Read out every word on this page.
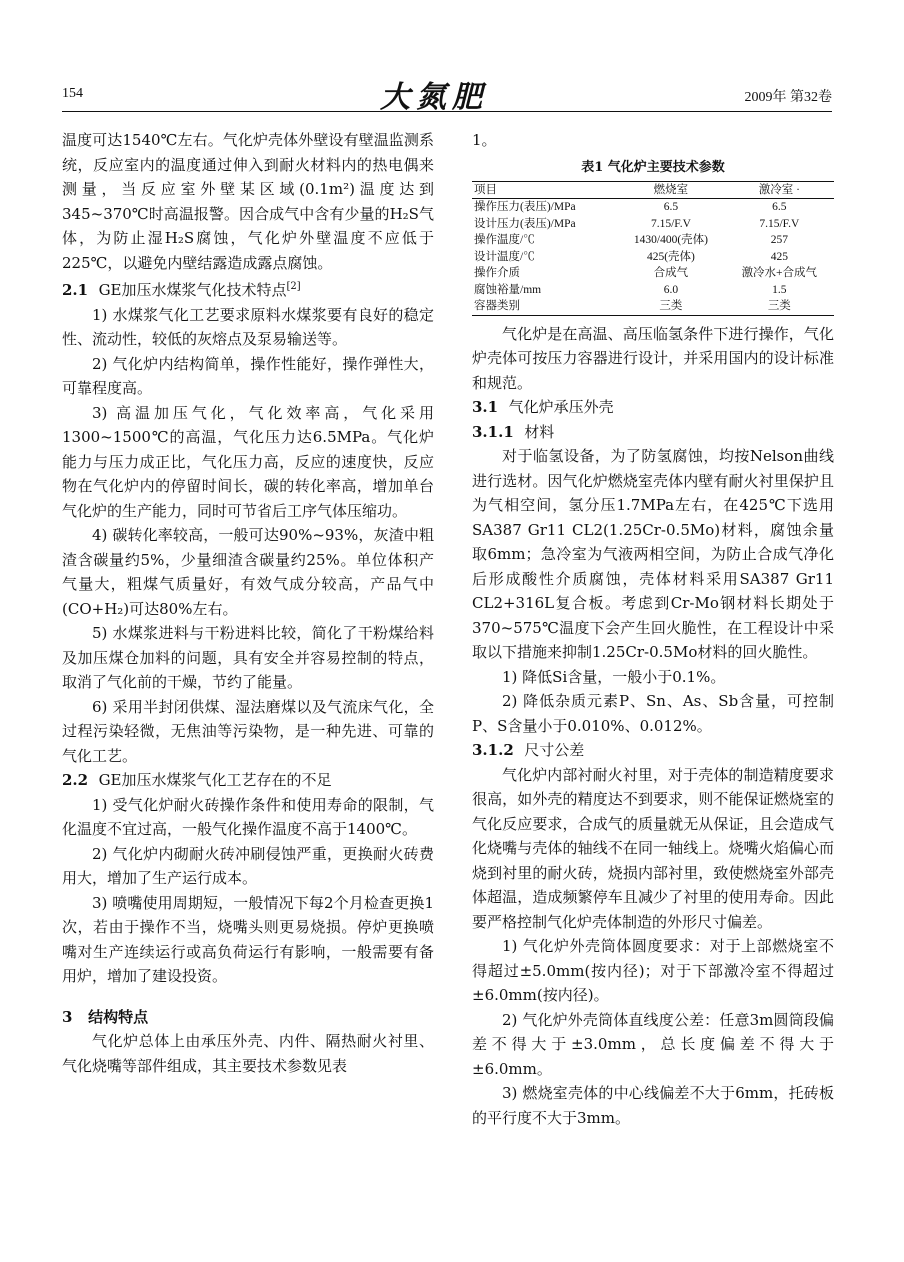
154	大氮肥	2009年 第32卷

温度可达1540℃左右。气化炉壳体外壁设有壁温监测系统，反应室内的温度通过伸入到耐火材料内的热电偶来测量，当反应室外壁某区域(0.1m²)温度达到345~370℃时高温报警。因合成气中含有少量的H₂S气体，为防止湿H₂S腐蚀，气化炉外壁温度不应低于225℃，以避免内壁结露造成露点腐蚀。

2.1 GE加压水煤浆气化技术特点[2]

1) 水煤浆气化工艺要求原料水煤浆要有良好的稳定性、流动性，较低的灰熔点及泵易输送等。

2) 气化炉内结构简单，操作性能好，操作弹性大，可靠程度高。

3) 高温加压气化，气化效率高，气化采用1300~1500℃的高温，气化压力达6.5MPa。气化炉能力与压力成正比，气化压力高，反应的速度快，反应物在气化炉内的停留时间长，碳的转化率高，增加单台气化炉的生产能力，同时可节省后工序气体压缩功。

4) 碳转化率较高，一般可达90%~93%，灰渣中粗渣含碳量约5%，少量细渣含碳量约25%。单位体积产气量大，粗煤气质量好，有效气成分较高，产品气中(CO+H₂)可达80%左右。

5) 水煤浆进料与干粉进料比较，简化了干粉煤给料及加压煤仓加料的问题，具有安全并容易控制的特点，取消了气化前的干燥，节约了能量。

6) 采用半封闭供煤、湿法磨煤以及气流床气化，全过程污染轻微，无焦油等污染物，是一种先进、可靠的气化工艺。

2.2 GE加压水煤浆气化工艺存在的不足

1) 受气化炉耐火砖操作条件和使用寿命的限制，气化温度不宜过高，一般气化操作温度不高于1400℃。

2) 气化炉内砌耐火砖冲刷侵蚀严重，更换耐火砖费用大，增加了生产运行成本。

3) 喷嘴使用周期短，一般情况下每2个月检查更换1次，若由于操作不当，烧嘴头则更易烧损。停炉更换喷嘴对生产连续运行或高负荷运行有影响，一般需要有备用炉，增加了建设投资。

3 结构特点

气化炉总体上由承压外壳、内件、隔热耐火衬里、气化烧嘴等部件组成，其主要技术参数见表

1。

表1 气化炉主要技术参数
项目	燃烧室	激冷室 ·
操作压力(表压)/MPa	6.5	6.5
设计压力(表压)/MPa	7.15/F.V	7.15/F.V
操作温度/℃	1430/400(壳体)	257
设计温度/℃	425(壳体)	425
操作介质	合成气	激冷水+合成气
腐蚀裕量/mm	6.0	1.5
容器类别	三类	三类

气化炉是在高温、高压临氢条件下进行操作，气化炉壳体可按压力容器进行设计，并采用国内的设计标准和规范。

3.1 气化炉承压外壳
3.1.1 材料

对于临氢设备，为了防氢腐蚀，均按Nelson曲线进行选材。因气化炉燃烧室壳体内壁有耐火衬里保护且为气相空间，氢分压1.7MPa左右，在425℃下选用SA387 Gr11 CL2(1.25Cr-0.5Mo)材料，腐蚀余量取6mm；急冷室为气液两相空间，为防止合成气净化后形成酸性介质腐蚀，壳体材料采用SA387 Gr11 CL2+316L复合板。考虑到Cr-Mo钢材料长期处于370~575℃温度下会产生回火脆性，在工程设计中采取以下措施来抑制1.25Cr-0.5Mo材料的回火脆性。

1) 降低Si含量，一般小于0.1%。

2) 降低杂质元素P、Sn、As、Sb含量，可控制P、S含量小于0.010%、0.012%。

3.1.2 尺寸公差

气化炉内部衬耐火衬里，对于壳体的制造精度要求很高，如外壳的精度达不到要求，则不能保证燃烧室的气化反应要求，合成气的质量就无从保证，且会造成气化烧嘴与壳体的轴线不在同一轴线上。烧嘴火焰偏心而烧到衬里的耐火砖，烧损内部衬里，致使燃烧室外部壳体超温，造成频繁停车且减少了衬里的使用寿命。因此要严格控制气化炉壳体制造的外形尺寸偏差。

1) 气化炉外壳筒体圆度要求：对于上部燃烧室不得超过±5.0mm(按内径)；对于下部激冷室不得超过±6.0mm(按内径)。

2) 气化炉外壳筒体直线度公差：任意3m圆筒段偏差不得大于±3.0mm，总长度偏差不得大于±6.0mm。

3) 燃烧室壳体的中心线偏差不大于6mm，托砖板的平行度不大于3mm。
